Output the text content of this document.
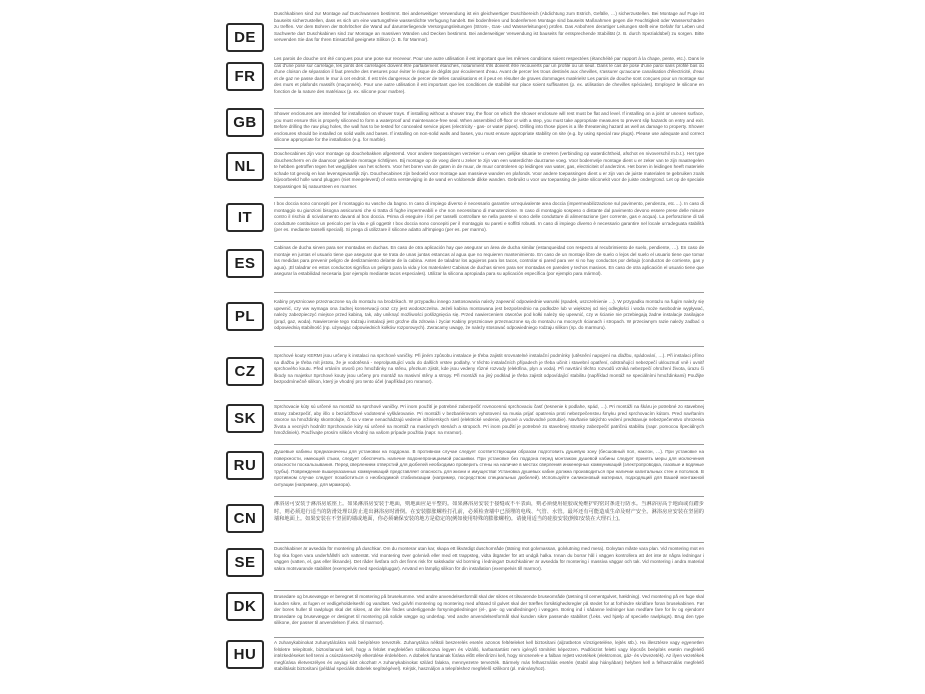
DE

Duschkabinen sind zur Montage auf Duschwannen bestimmt. Bei anderweitiger Verwendung ist ein gleichwertiger Duschbereich (Abdichtung zum Estrich, Gefälle, …) sicherzustellen. Bei Montage auf Fuge ist bauseits sicherzustellen, dass es sich um eine wartungsfreie wasserdichte Verfugung handelt. Bei bodenfreien und bodenfernen Montage sind bauseits Maßnahmen gegen die Feuchtigkeit oder Wasserschäden zu treffen. Vor dem Bohren der Bohrlöcher die Wand auf darunterliegende Versorgungsleitungen (Strom-, Gas- und Wasserleitungen) prüfen. Das Anbohren derartiger Leitungen stellt eine Gefahr für Leben und Sachwerte dar! Duschkabinen sind zur Montage an massiven Wänden und Decken bestimmt. Bei anderweitiger Verwendung ist bauseits für entsprechende Stabilität (z. B. durch Spezialdübel) zu sorgen. Bitte verwenden Sie das für Ihren Einsatzfall geeignete Silikon (z. B. für Marmor).

FR

Les parois de douche ont été conçues pour une pose sur receveur. Pour une autre utilisation il est important que les mêmes conditions soient respectées (étanchéité par rapport à la chape, pente, etc.). Dans le cas d'une pose sur carrelage, les joints des carrelages doivent être parfaitement étanches, notamment s'ils doivent être recouverts par un profilé ou un seuil. Dans le cas de pose d'une paroi sans profilé bas ou d'une cloison de séparation il faut prendre des mesures pour éviter le risque de dégâts par écoulement d'eau. Avant de percer les trous destinés aux chevilles, s'assurer qu'aucune canalisation d'électricité, d'eau et de gaz ne passe dans le mur à cet endroit. Il est très dangereux de percer de telles canalisations et il peut en résulter de graves dommages matériels! Les parois de douche sont conçues pour un montage sur des murs et plafonds massifs (maçonnés). Pour une autre utilisation il est important que les conditions de stabilité sur place soient suffisantes (p. ex. utilisation de chevilles spéciales). Employez le silicone en fonction de la nature des matériaux (p. ex. silicone pour marbre).

GB

Shower enclosures are intended for installation on shower trays. If installing without a shower tray, the floor on which the shower enclosure will rest must be flat and level. If installing on a joint or uneven surface, you must ensure this is properly siliconed to form a waterproof and maintenance-free seal. When assembled off-floor or with a step, you must take appropriate measures to prevent slip hazards on entry and exit. Before drilling the raw plug holes, the wall has to be tested for concealed service pipes (electricity - gas- or water pipes). Drilling into those pipes is a life threatening hazard as well as damage to property. Shower enclosures should be installed on solid walls and bases. If installing on non-solid walls and bases, you must ensure appropriate stability on site (e.g. by using special raw plugs). Please use adequate and correct silicone appropriate for the installation (e.g. for marble).

NL

Douchecabines zijn voor montage op douchebakken afgestemd. Voor andere toepassingen verzeker u ervan een gelijke situatie te creëren (verbinding op waterdichtheid, afschot en nivoverschil m.b.t.). Het type douchescherm en de daarvoor geldende montage richtlijnen. Bij montage op de voeg dient u zeker te zijn van een waterdichte duurzame voeg. Voor bodemvrije montage dient u er zeker van te zijn maatregelen te hebben getroffen tegen het wegglijden van het scherm. Voor het boren van de gaten in de muur, de muur controleren op leidingen van water, gas, electriciteit of anderzins. Het boren in leidingen heeft materiele schade tot gevolg en kan levensgevaarlijk zijn. Douchecabines zijn bedoeld voor montage aan massieve wanden en plafonds. Voor andere toepassingen dient u er zijn van de juiste materialen te gebruiken zoals bijvoorbeeld holle wand pluggen (niet meegeleverd) of extra versteviging in de wand en voldoende dikke wanden. Gebruikt u voor uw toepassing de juiste siliconekit voor de juiste ondergrond. Let op de speciale toepassingen bij natuursteen en marmer.

IT

I box doccia sono concepiti per il montaggio su vasche da bagno. In caso di impiego diverso è necessario garantire un'equivalente area doccia (impermeabilizzazione sul pavimento, pendenza, etc.…). In caso di montaggio su giunzioni bisogna assicurarsi che si tratta di fughe impermeabili e che non necessitano di manutenzione. In caso di montaggio sospeso o distante dal pavimento devono essere prese delle misure contro il rischio di scivolamento davanti al box doccia. Prima di eseguire i fori per tasselli controllare se nella parete vi sono delle condutture di alimentazione (per corrente, gas e acqua). La perforazione di tali condutture costituisce un pericolo per la vita e gli oggetti! I box doccia sono concepiti per il montaggio su pareti e soffitti robusti. In caso di impiego diverso è necessario garantire nel locale un'adeguata stabilità (per es. mediante tasselli speciali). Si prega di utilizzare il silicone adatto all'impiego (per es. per marmo).

ES

Cabinas de ducha sirven para ser montadas en duchas. En caso de otra aplicación hay que asegurar un área de ducha similar (estanqueidad con respecto al recubrimiento de suelo, pendiente, …). En caso de montaje en juntas el usuario tiene que asegurar que se trata de unas juntas estancas al agua que no requieren mantenimiento. En caso de un montaje libre de suelo o lejos del suelo el usuario tiene que tomar las medidas para prevenir peligro de deslizamiento delante de la cabina. Antes de taladrar los agujeros para los tacos, controlar si pared para ver si no hay conductos por debajo (conductos de corriente, gas y agua). ¡El taladrar en estos conductos significa un peligro para la vida y los materiales! Cabinas de duchas sirven para ser montadas en paredes y techos masivos. En caso de otra aplicación el usuario tiene que asegurar la estabilidad necesaria (por ejemplo mediante tacos especiales). Utilizar la silicona apropiada para su aplicación específica (por ejemplo para mármol).

PL

Kabiny prysznicowe przeznaczone są do montażu na brodzikach. W przypadku innego zastosowania należy zapewnić odpowiednie warunki (spadek, uszczelnienie …). W przypadku montażu na fugim należy się upewnić, czy ww wymaga ona żadnej konserwacji oraz czy jest wodoszczelna. Jeżeli kabina montowana jest bezpośrednio na podłodze lub w większej od niej odległości i woda może swobodnie wypływać, należy zabezpieczyć miejsce przed kabiną, tak, aby uniknąć możliwości poślizgnięcia się. Przed nawierceniem otworów pod kołki należy się upewnić, czy w ścianie nie przebiegają żadne instalacje zasilające (prąd, gaz, woda). Nawiercenie tego rodzaju instalacji jest groźne dla zdrowia i życia! Kabiny prysznicowe przeznaczone są do montażu na mocnych ścianach i stropach. W przeciwnym razie należy zadbać o odpowiednią stabilność (np. używając odpowiednich kołków rozporowych). Zwracamy uwagę, że należy stosować odpowiedniego rodzaju silikon (np. do marmuru).

CZ

Sprchové kouty KERMI jsou určeny k instalaci na sprchové vaničky. Při jiném způsobu instalace je třeba zajistit srovnatelné instalační podmínky (utěsnění napojení na dlažbu, spádování, …). Při instalaci přímo na dlažbu je třeba mít jistotu, že je vodotěsná - neprolpustující vodu do dalších vrstev podlahy. V těchto instalačních případech je třeba učinit i stavební opatření, odstraňující nebezpečí uklouznutí vně i uvnitř sprchového koutu. Před vrtáním otvorů pro hmoždinky na stěnu, přezkum zjistit, kde jsou vedeny různé rozvody (elektřina, plyn a voda). Při navrtání těchto rozvodů vzniká nebezpečí ohrožení života, úrazu či škody na majetku! Sprchové kouty jsou určeny pro montáž na masivní stěny a stropy. Při montáži na jiný podklad je třeba zajistit odpovídající stabilitu (například montáž se speciálními hmoždinkami) Použijte bezpodmínečně silikon, který je vhodný pro tento účel (například pro mramor).

SK

Sprchovacie kúty sú určené na montáž na sprchové vaničky. Pri inom použití je potrebné zabezpečiť rovnocennú sprchovaciu časť (tesnenie k podlahe, spád, …). Pri montáži na škáru je potrebné zo stavebnej strany zabezpečiť, aby išlo o bezúdržbové vodotesné vyškárovanie. Pri montáži v bezbariérovom vyhotovení sa musia prijať opatrenia proti nebezpečenstvu šmyku pred sprchovacím kútom. Pred navŕtaním otvorov na hmoždinky skontrolujte, či sa v stene nenachádzajú vedenie inžinierskych sietí (elektrické vedenie, plynové a vodovodné potrubie). Navŕtanie takýchto vedení predstavuje nebezpečenstvo ohrozenia života a vecných hodnôt! Sprchovacie kúty sú určené na montáž na masívnych stenách a stropoch. Pri inom použití je potrebné zo stavebnej stranky zabezpečiť patričnú stabilitu (napr. pomocou špeciálnych hmoždiniek). Používajte prosím silikón vhodný na vašom prípade použitia (napr. na mramor).

RU

Душевые кабины предназначены для установки на поддонах. В противном случае следует соответствующим образом подготовить душевую зону (бесшовный пол, наклон, …). При установке на поверхности, имеющей стыки, следует обеспечить наличие водонепроницаемой расшивки. При установке без поддона перед монтажом душевой кабины следует принять меры для исключения опасности поскальзывания. Перед сверлением отверстий для дюбелей необходимо проверить стены на наличие в местах сверления инженерных коммуникаций (электропроводка, газовые и водяные трубы). Повреждение вышеуказанных коммуникаций представляет опасность для жизни и имущества! Установка душевых кабин должна производиться при наличии капитальных стен и потолков. В противном случае следует позаботиться о необходимой стабилизации (например, посредством специальных дюбелей). Используйте силиконовый материал, подходящий для Вашей монтажной ситуации (например, для мрамора).

CN

淋浴房可安装于淋浴房底座上。如果淋浴房安装于地面，则地面应是平整的。如果淋浴房安装于接缝或不平表面，则必须使用硅胶或免维护的密封条进行防水。当淋浴房高于地面或有踏步时，则必须进行适当的防滑处理以防止进出淋浴房时滑倒。在安装膨胀螺栓打孔前，必须检查墙中已预埋的电线、气管、水管。最坏还有可能造成生命及财产安全。淋浴房应安装在坚固的墙和地面上。如果安装在不坚固的墙或地面，你必须确保安装的地方是稳定的(例如使用特殊的膨胀螺栓)。请使用适当的硅胶安装(例如安装在大理石上)。

SE

Duschkabiner är avsedda för montering på duschkar. Om du monterar utan kar, skapa ett likvärdigt duschområde (tätning mot golvmassan, golvlutning med mera). Golvytan måste vara plan. Vid montering mot en fog ska fogen vara underhållsfri och vattentät. Vid montering över golvnivå eller med ett trappsteg, vidta åtgärder för att undgå halka. Innan du borrar hål i väggen kontrollera att det inte är några ledningar i väggen (vatten, el, gas eller liknande). Det råder livsfara och det finns risk för sakskador vid borrning i ledningar! Duschkabiner är avsedda för montering i massiva väggar och tak. Vid montering i andra material säkra motsvarande stabilitet (exempelvis med specialpluggar). Använd en lämplig silikon för din installation (exempelvis till marmor).

DK

Brusedøre og brusevægge er beregnet til montering på brusekumme. Ved andre anvendelsesformål skal der sikres et tilsvarende bruseområde (tætning til cementgulvet, hældning). Ved montering på en fuge skal kunden sikre, at fugen er vedligeholdelsesfri og vandtæt. Ved gulvfri montering og montering med afstand til gulvet skal der træffes forsiktighedsregler på stedet for at forhindre skridfare foran brusekabinen. Før der bores huller til rawlplugs skal det sikres, at der ikke findes underliggende forsyningsledninger (el-, gas- og vandledninger) i væggen. Boring ind i sådanne ledninger kan medføre fare for liv og ejendom! Brusedøre og brusevægge er designet til montering på solide vægge og underlag. Ved andre anvendelsesformål skal kunden sikre passende stabilitet (f.eks. ved hjælp af specielle rawlplugs). Brug den type silikone, der passer til anvendelsen (f.eks. til marmor).

HU

A zuhanykabinokat zuhanytálcákra való beépítésre tervezték. Zuhanytálca nélküli beszerelés esetén azonos feltételeket kell biztosítani (aljzatbeton vízszigetelése, lejtés stb.). Ha illesztésre vagy egyenetlen felületre telepítünk, biztosítanunk kell, hogy a felület megfelelően szilikonozva legyen és vízálló, karbantartást nem igénylő tömítést képezzen. Padlószint feletti vagy lépcsős beépítés esetén megfelelő intézkedéseket kell tenni a csúszásveszély elkerülése érdekében. A dübelek furatainak fúrása előtt ellenőrizni kell, hogy nincsenek-e a falban rejtett vezetékek (elektromos, gáz- és vízvezeték). Az ilyen vezetékek megfúrása életveszélyes és anyagi kárt okozhat! A zuhanykabinokat szilárd falakra, mennyezetre tervezték. Bármely más felhasználás esetén (stabil alap hiányában) helyben kell a felhasználás megfelelő stabilitását biztosítani (például speciális dübelek segítségével). Kérjük, használjon a telepítéshez megfelelő szilikont (pl. márványhoz).
